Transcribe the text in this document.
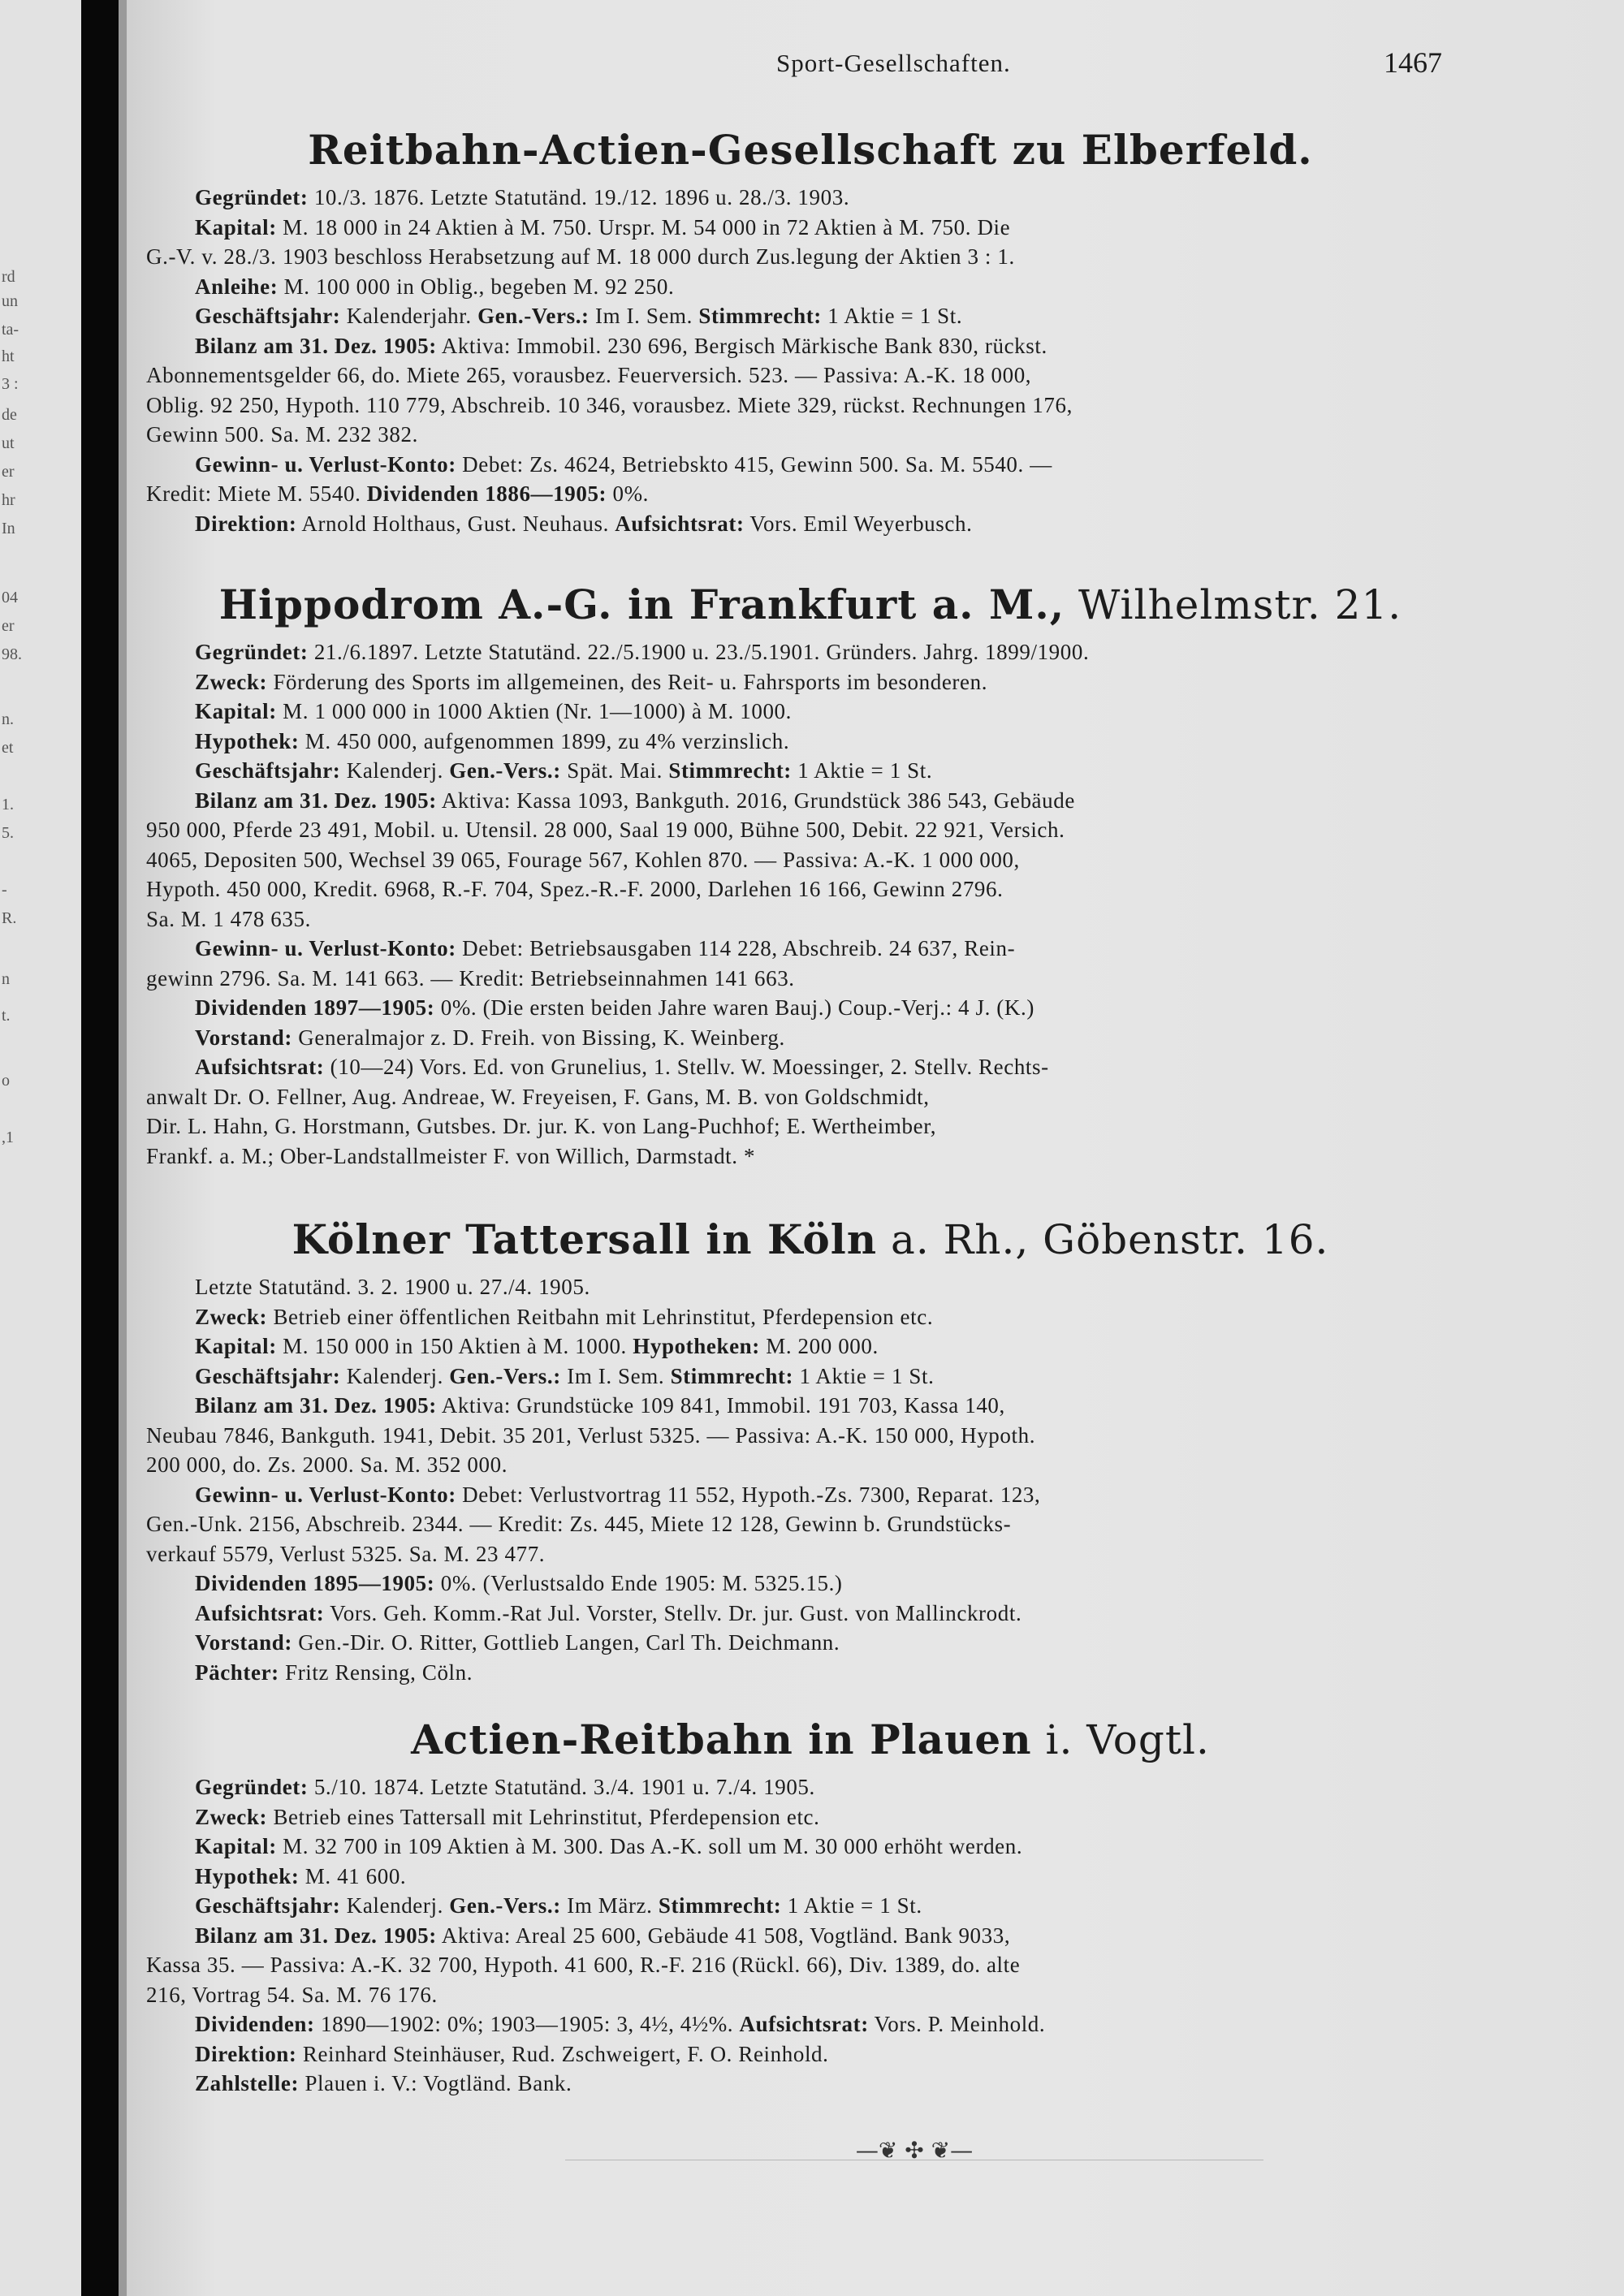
rd
un
ta-
ht
3 :
de
ut
er
hr
In
04
er
98.
n.
et
1.
5.
-
R.
n
t.
o
,1
Sport-Gesellschaften.	1467
Reitbahn-Actien-Gesellschaft zu Elberfeld.

Gegründet: 10./3. 1876. Letzte Statutänd. 19./12. 1896 u. 28./3. 1903.

Kapital: M. 18 000 in 24 Aktien à M. 750. Urspr. M. 54 000 in 72 Aktien à M. 750. Die

G.-V. v. 28./3. 1903 beschloss Herabsetzung auf M. 18 000 durch Zus.legung der Aktien 3 : 1.

Anleihe: M. 100 000 in Oblig., begeben M. 92 250.

Geschäftsjahr: Kalenderjahr. Gen.-Vers.: Im I. Sem. Stimmrecht: 1 Aktie = 1 St.

Bilanz am 31. Dez. 1905: Aktiva: Immobil. 230 696, Bergisch Märkische Bank 830, rückst.

Abonnementsgelder 66, do. Miete 265, vorausbez. Feuerversich. 523. — Passiva: A.-K. 18 000,

Oblig. 92 250, Hypoth. 110 779, Abschreib. 10 346, vorausbez. Miete 329, rückst. Rechnungen 176,

Gewinn 500. Sa. M. 232 382.

Gewinn- u. Verlust-Konto: Debet: Zs. 4624, Betriebskto 415, Gewinn 500. Sa. M. 5540. —

Kredit: Miete M. 5540. Dividenden 1886—1905: 0%.

Direktion: Arnold Holthaus, Gust. Neuhaus. Aufsichtsrat: Vors. Emil Weyerbusch.

Hippodrom A.-G. in Frankfurt a. M., Wilhelmstr. 21.

Gegründet: 21./6.1897. Letzte Statutänd. 22./5.1900 u. 23./5.1901. Gründers. Jahrg. 1899/1900.

Zweck: Förderung des Sports im allgemeinen, des Reit- u. Fahrsports im besonderen.

Kapital: M. 1 000 000 in 1000 Aktien (Nr. 1—1000) à M. 1000.

Hypothek: M. 450 000, aufgenommen 1899, zu 4% verzinslich.

Geschäftsjahr: Kalenderj. Gen.-Vers.: Spät. Mai. Stimmrecht: 1 Aktie = 1 St.

Bilanz am 31. Dez. 1905: Aktiva: Kassa 1093, Bankguth. 2016, Grundstück 386 543, Gebäude

950 000, Pferde 23 491, Mobil. u. Utensil. 28 000, Saal 19 000, Bühne 500, Debit. 22 921, Versich.

4065, Depositen 500, Wechsel 39 065, Fourage 567, Kohlen 870. — Passiva: A.-K. 1 000 000,

Hypoth. 450 000, Kredit. 6968, R.-F. 704, Spez.-R.-F. 2000, Darlehen 16 166, Gewinn 2796.

Sa. M. 1 478 635.

Gewinn- u. Verlust-Konto: Debet: Betriebsausgaben 114 228, Abschreib. 24 637, Rein-

gewinn 2796. Sa. M. 141 663. — Kredit: Betriebseinnahmen 141 663.

Dividenden 1897—1905: 0%. (Die ersten beiden Jahre waren Bauj.) Coup.-Verj.: 4 J. (K.)

Vorstand: Generalmajor z. D. Freih. von Bissing, K. Weinberg.

Aufsichtsrat: (10—24) Vors. Ed. von Grunelius, 1. Stellv. W. Moessinger, 2. Stellv. Rechts-

anwalt Dr. O. Fellner, Aug. Andreae, W. Freyeisen, F. Gans, M. B. von Goldschmidt,

Dir. L. Hahn, G. Horstmann, Gutsbes. Dr. jur. K. von Lang-Puchhof; E. Wertheimber,

Frankf. a. M.; Ober-Landstallmeister F. von Willich, Darmstadt. *

Kölner Tattersall in Köln a. Rh., Göbenstr. 16.

Letzte Statutänd. 3. 2. 1900 u. 27./4. 1905.

Zweck: Betrieb einer öffentlichen Reitbahn mit Lehrinstitut, Pferdepension etc.

Kapital: M. 150 000 in 150 Aktien à M. 1000. Hypotheken: M. 200 000.

Geschäftsjahr: Kalenderj. Gen.-Vers.: Im I. Sem. Stimmrecht: 1 Aktie = 1 St.

Bilanz am 31. Dez. 1905: Aktiva: Grundstücke 109 841, Immobil. 191 703, Kassa 140,

Neubau 7846, Bankguth. 1941, Debit. 35 201, Verlust 5325. — Passiva: A.-K. 150 000, Hypoth.

200 000, do. Zs. 2000. Sa. M. 352 000.

Gewinn- u. Verlust-Konto: Debet: Verlustvortrag 11 552, Hypoth.-Zs. 7300, Reparat. 123,

Gen.-Unk. 2156, Abschreib. 2344. — Kredit: Zs. 445, Miete 12 128, Gewinn b. Grundstücks-

verkauf 5579, Verlust 5325. Sa. M. 23 477.

Dividenden 1895—1905: 0%. (Verlustsaldo Ende 1905: M. 5325.15.)

Aufsichtsrat: Vors. Geh. Komm.-Rat Jul. Vorster, Stellv. Dr. jur. Gust. von Mallinckrodt.

Vorstand: Gen.-Dir. O. Ritter, Gottlieb Langen, Carl Th. Deichmann.

Pächter: Fritz Rensing, Cöln.

Actien-Reitbahn in Plauen i. Vogtl.

Gegründet: 5./10. 1874. Letzte Statutänd. 3./4. 1901 u. 7./4. 1905.

Zweck: Betrieb eines Tattersall mit Lehrinstitut, Pferdepension etc.

Kapital: M. 32 700 in 109 Aktien à M. 300. Das A.-K. soll um M. 30 000 erhöht werden.

Hypothek: M. 41 600.

Geschäftsjahr: Kalenderj. Gen.-Vers.: Im März. Stimmrecht: 1 Aktie = 1 St.

Bilanz am 31. Dez. 1905: Aktiva: Areal 25 600, Gebäude 41 508, Vogtländ. Bank 9033,

Kassa 35. — Passiva: A.-K. 32 700, Hypoth. 41 600, R.-F. 216 (Rückl. 66), Div. 1389, do. alte

216, Vortrag 54. Sa. M. 76 176.

Dividenden: 1890—1902: 0%; 1903—1905: 3, 4½, 4½%. Aufsichtsrat: Vors. P. Meinhold.

Direktion: Reinhard Steinhäuser, Rud. Zschweigert, F. O. Reinhold.

Zahlstelle: Plauen i. V.: Vogtländ. Bank.

—❦ ✣ ❦—
